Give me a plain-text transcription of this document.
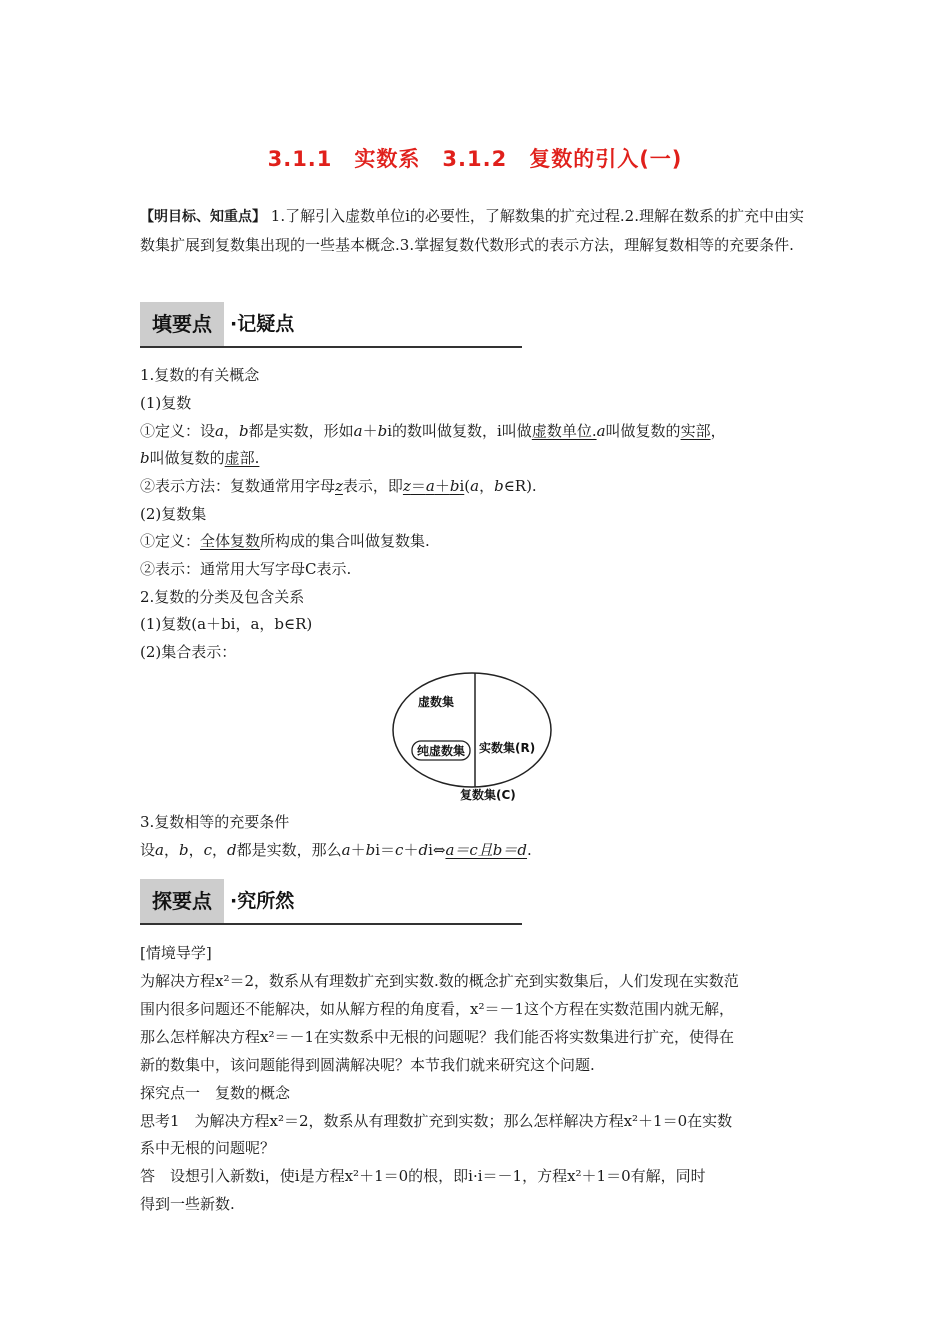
3.1.1　实数系　3.1.2　复数的引入(一)
【明目标、知重点】 1.了解引入虚数单位i的必要性，了解数集的扩充过程.2.理解在数系的扩充中由实数集扩展到复数集出现的一些基本概念.3.掌握复数代数形式的表示方法，理解复数相等的充要条件.
填要点 ·记疑点
1.复数的有关概念
(1)复数
①定义：设a，b都是实数，形如a＋bi的数叫做复数，i叫做虚数单位.a叫做复数的实部，
b叫做复数的虚部.
②表示方法：复数通常用字母z表示，即z＝a＋bi(a，b∈R).
(2)复数集
①定义：全体复数所构成的集合叫做复数集.
②表示：通常用大写字母C表示.
2.复数的分类及包含关系
(1)复数(a＋bi，a，b∈R)
(2)集合表示：
虚数集
纯虚数集 实数集(R)
复数集(C)
3.复数相等的充要条件
设a，b，c，d都是实数，那么a＋bi＝c＋di⇔a＝c且b＝d.
探要点 ·究所然
[情境导学]
为解决方程x²＝2，数系从有理数扩充到实数.数的概念扩充到实数集后，人们发现在实数范
围内很多问题还不能解决，如从解方程的角度看，x²＝－1这个方程在实数范围内就无解，
那么怎样解决方程x²＝－1在实数系中无根的问题呢？我们能否将实数集进行扩充，使得在
新的数集中，该问题能得到圆满解决呢？本节我们就来研究这个问题.
探究点一　复数的概念
思考1　为解决方程x²＝2，数系从有理数扩充到实数；那么怎样解决方程x²＋1＝0在实数
系中无根的问题呢？
答　设想引入新数i，使i是方程x²＋1＝0的根，即i·i＝－1，方程x²＋1＝0有解，同时
得到一些新数.
